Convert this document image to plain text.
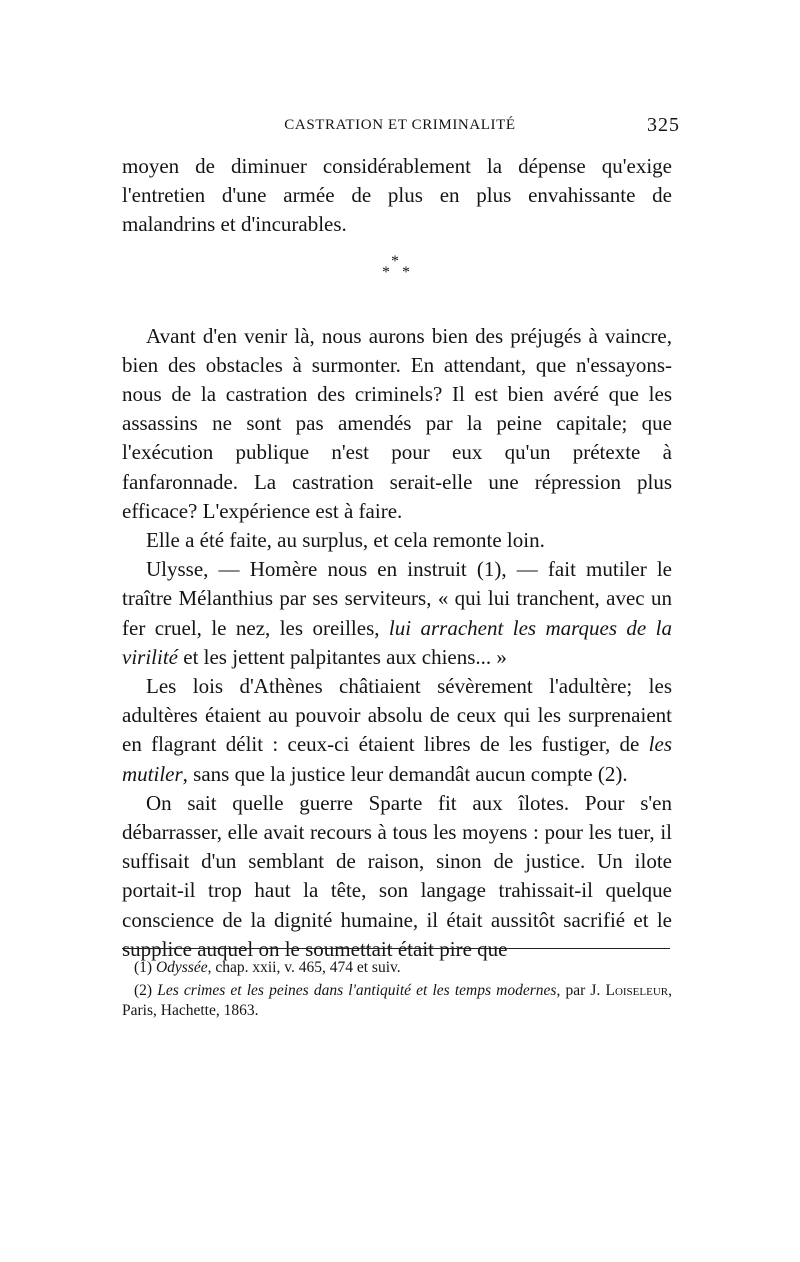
CASTRATION ET CRIMINALITÉ	325

moyen de diminuer considérablement la dépense qu'exige l'entretien d'une armée de plus en plus envahissante de malandrins et d'incurables.

*
* *

Avant d'en venir là, nous aurons bien des préjugés à vaincre, bien des obstacles à surmonter. En attendant, que n'essayons-nous de la castration des criminels? Il est bien avéré que les assassins ne sont pas amendés par la peine capitale; que l'exécution publique n'est pour eux qu'un prétexte à fanfaronnade. La castration serait-elle une répression plus efficace? L'expérience est à faire.

Elle a été faite, au surplus, et cela remonte loin.

Ulysse, — Homère nous en instruit (1), — fait mutiler le traître Mélanthius par ses serviteurs, « qui lui tranchent, avec un fer cruel, le nez, les oreilles, lui arrachent les marques de la virilité et les jettent palpitantes aux chiens... »

Les lois d'Athènes châtiaient sévèrement l'adultère; les adultères étaient au pouvoir absolu de ceux qui les surprenaient en flagrant délit : ceux-ci étaient libres de les fustiger, de les mutiler, sans que la justice leur demandât aucun compte (2).

On sait quelle guerre Sparte fit aux îlotes. Pour s'en débarrasser, elle avait recours à tous les moyens : pour les tuer, il suffisait d'un semblant de raison, sinon de justice. Un ilote portait-il trop haut la tête, son langage trahissait-il quelque conscience de la dignité humaine, il était aussitôt sacrifié et le supplice auquel on le soumettait était pire que

(1) Odyssée, chap. xxii, v. 465, 474 et suiv.

(2) Les crimes et les peines dans l'antiquité et les temps modernes, par J. Loiseleur, Paris, Hachette, 1863.
